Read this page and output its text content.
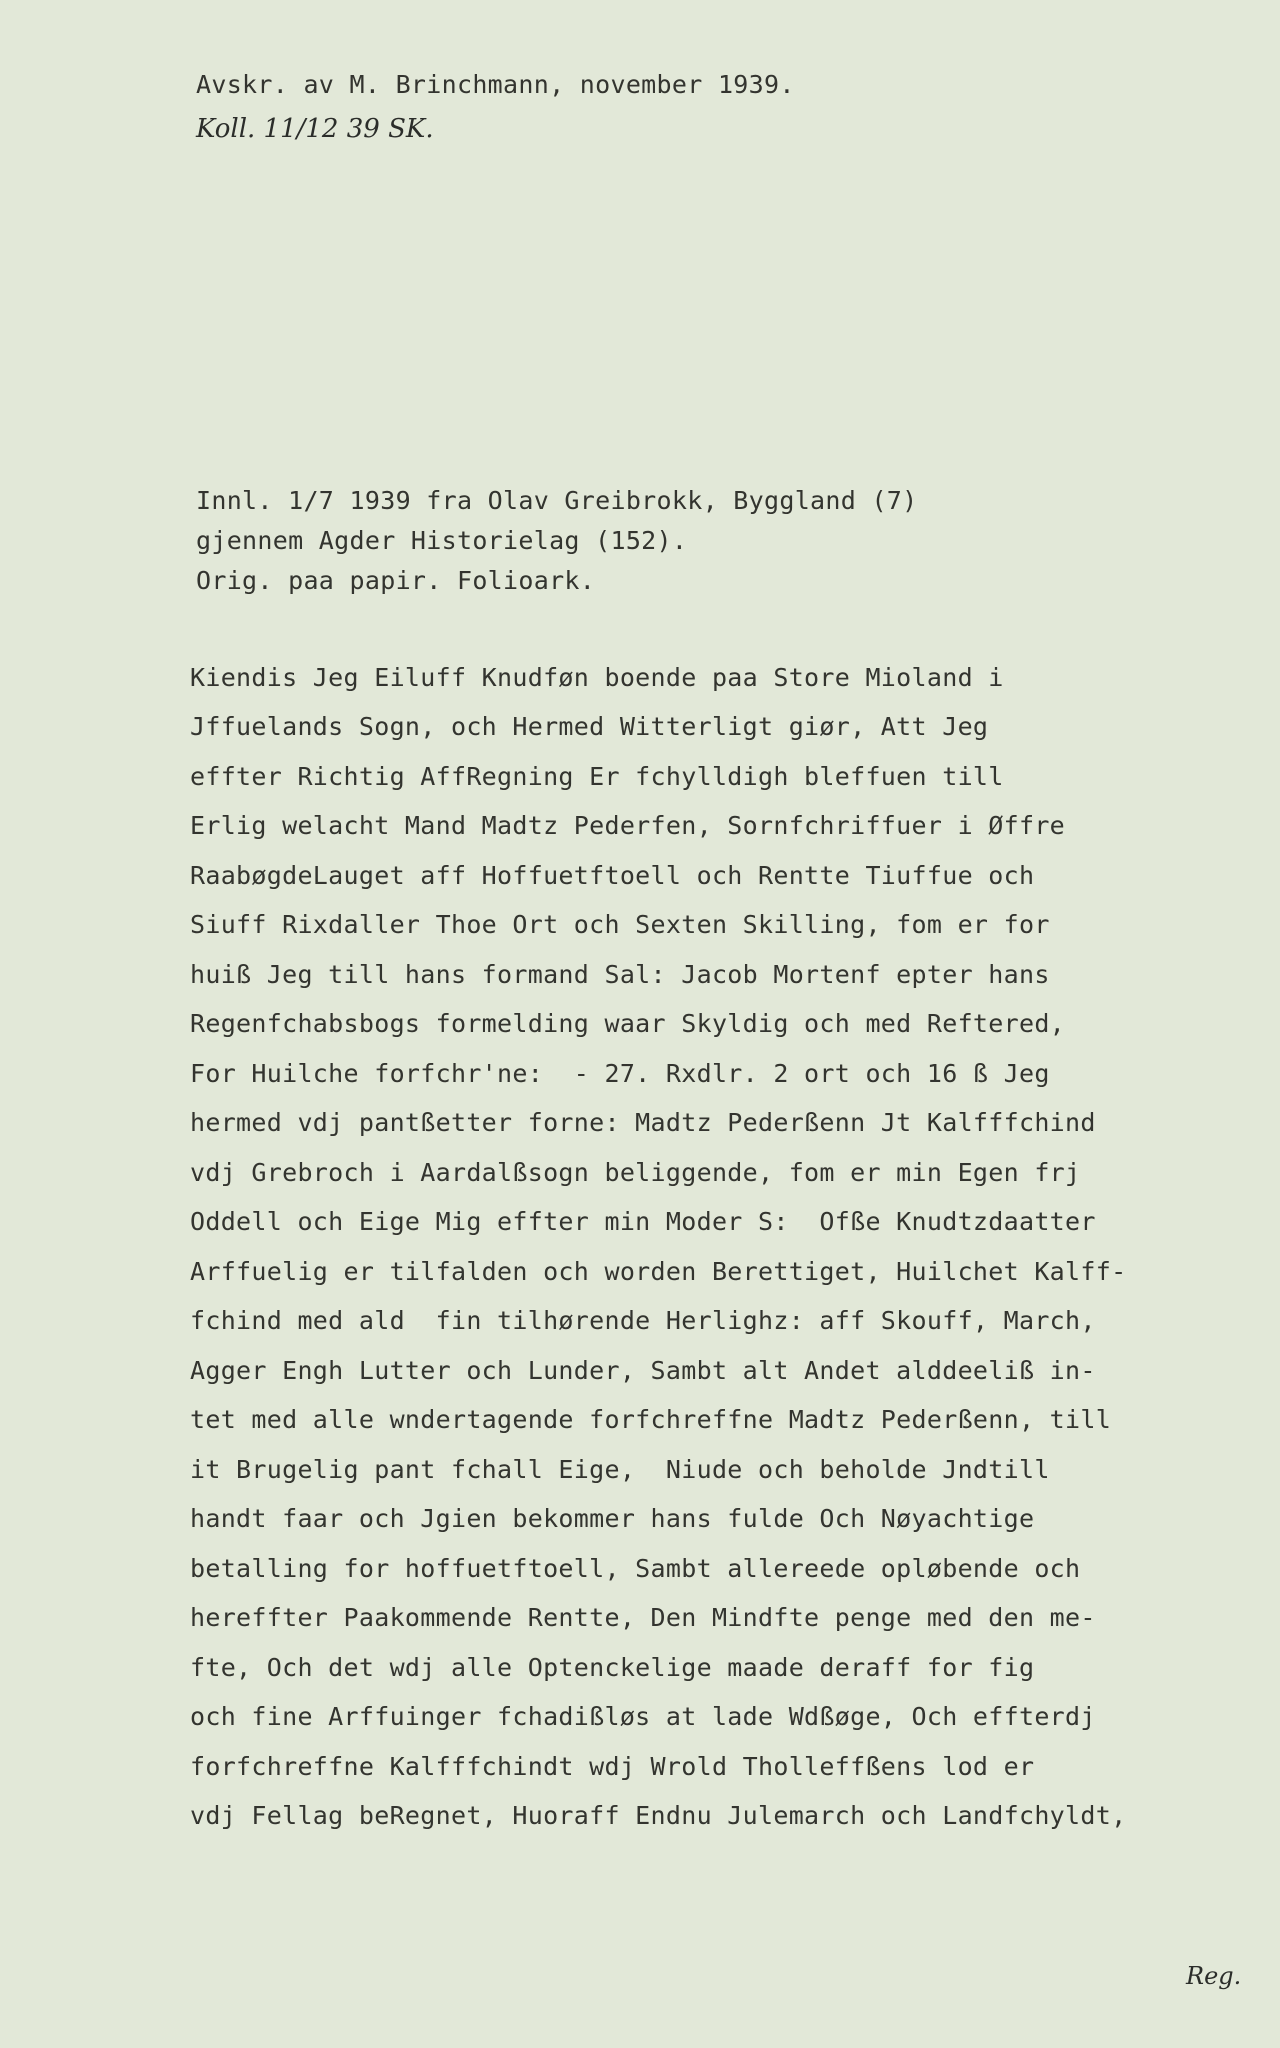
Avskr. av M. Brinchmann, november 1939.
Koll. 11/12 39 SK.
Innl. 1/7 1939 fra Olav Greibrokk, Byggland (7)
gjennem Agder Historielag (152).
Orig. paa papir. Folioark.
Kiendis Jeg Eiluff Knudføn boende paa Store Mioland i
Jffuelands Sogn, och Hermed Witterligt giør, Att Jeg
effter Richtig AffRegning Er fchylldigh bleffuen till
Erlig welacht Mand Madtz Pederfen, Sornfchriffuer i Øffre
RaabøgdeLauget aff Hoffuetftoell och Rentte Tiuffue och
Siuff Rixdaller Thoe Ort och Sexten Skilling, fom er for
huiß Jeg till hans formand Sal: Jacob Mortenf epter hans
Regenfchabsbogs formelding waar Skyldig och med Reftered,
For Huilche forfchr'ne:  - 27. Rxdlr. 2 ort och 16 ß Jeg
hermed vdj pantßetter forne: Madtz Pederßenn Jt Kalfffchind
vdj Grebroch i Aardalßsogn beliggende, fom er min Egen frj
Oddell och Eige Mig effter min Moder S:  Ofße Knudtzdaatter
Arffuelig er tilfalden och worden Berettiget, Huilchet Kalff-
fchind med ald  fin tilhørende Herlighz: aff Skouff, March,
Agger Engh Lutter och Lunder, Sambt alt Andet alddeeliß in-
tet med alle wndertagende forfchreffne Madtz Pederßenn, till
it Brugelig pant fchall Eige,  Niude och beholde Jndtill
handt faar och Jgien bekommer hans fulde Och Nøyachtige
betalling for hoffuetftoell, Sambt allereede opløbende och
hereffter Paakommende Rentte, Den Mindfte penge med den me-
fte, Och det wdj alle Optenckelige maade deraff for fig
och fine Arffuinger fchadißløs at lade Wdßøge, Och effterdj
forfchreffne Kalfffchindt wdj Wrold Tholleffßens lod er
vdj Fellag beRegnet, Huoraff Endnu Julemarch och Landfchyldt,
Reg.
